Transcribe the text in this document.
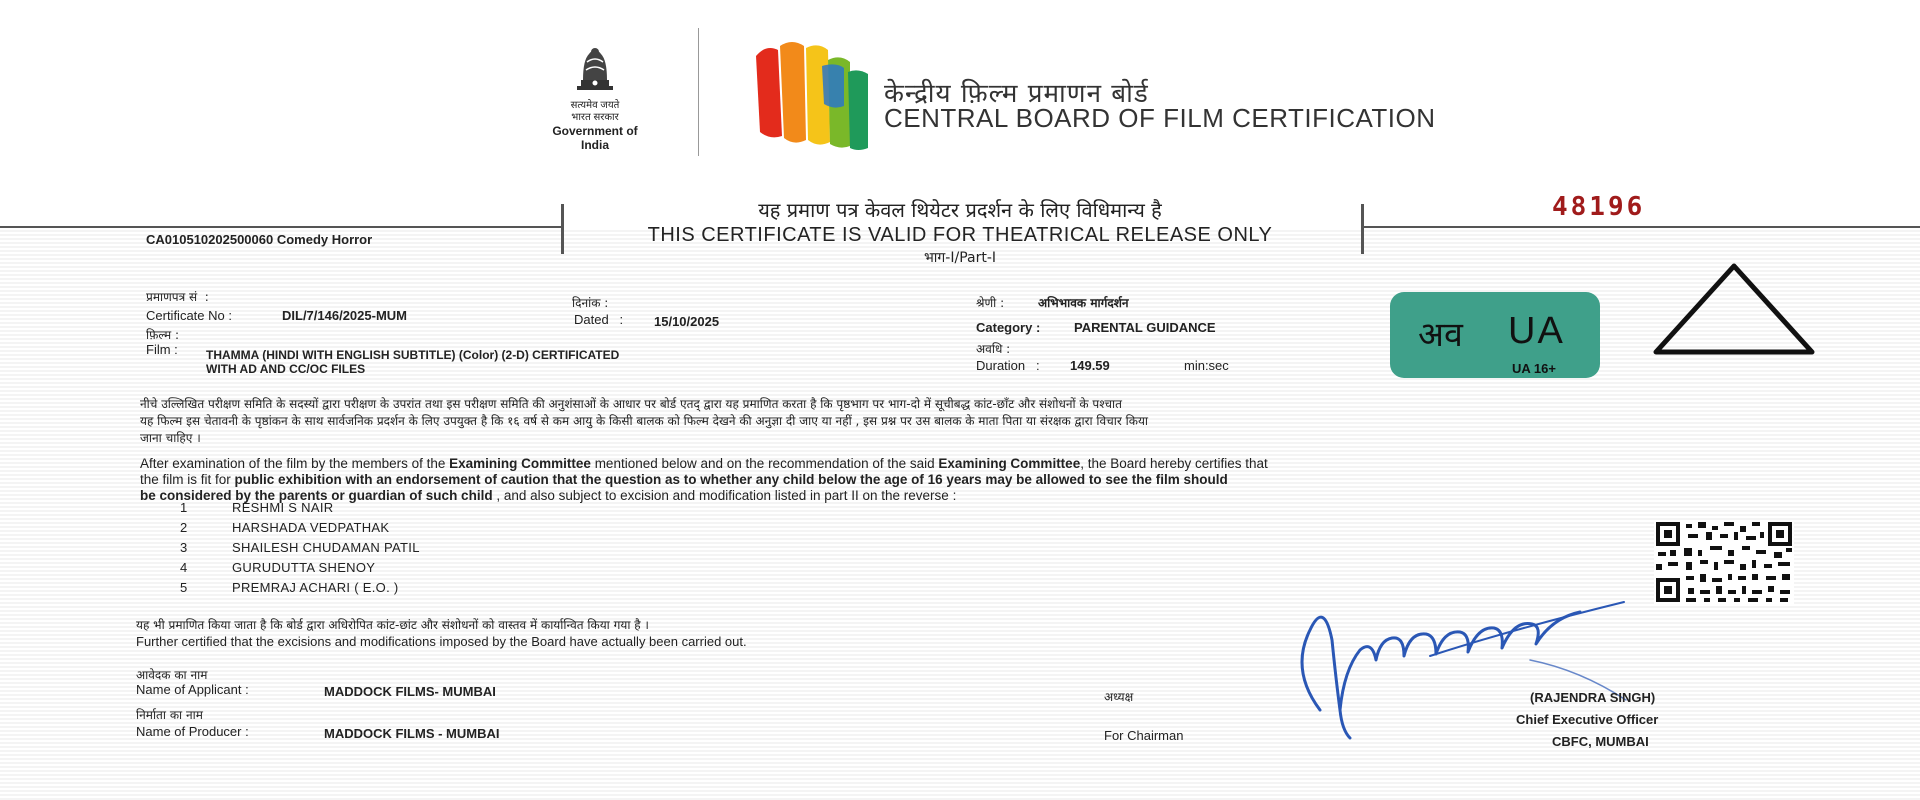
सत्यमेव जयते
भारत सरकार
Government of India
केन्द्रीय फ़िल्म प्रमाणन बोर्ड
CENTRAL BOARD OF FILM CERTIFICATION
यह प्रमाण पत्र केवल थियेटर प्रदर्शन के लिए विधिमान्य है
THIS CERTIFICATE IS VALID FOR THEATRICAL RELEASE ONLY
भाग-I/Part-I
48196
CA010510202500060 Comedy Horror
प्रमाणपत्र सं  :
Certificate No :	DIL/7/146/2025-MUM
दिनांक :
Dated   : 15/10/2025
फ़िल्म :
Film : THAMMA (HINDI WITH ENGLISH SUBTITLE) (Color) (2-D) CERTIFICATED
WITH AD AND CC/OC FILES
श्रेणी :	अभिभावक मार्गदर्शन
Category :	PARENTAL GUIDANCE
अवधि :
Duration   : 149.59	min:sec
अव UA
UA 16+
नीचे उल्लिखित परीक्षण समिति के सदस्यों द्वारा परीक्षण के उपरांत तथा इस परीक्षण समिति की अनुशंसाओं के आधार पर बोर्ड एतद् द्वारा यह प्रमाणित करता है कि पृष्ठभाग पर भाग-दो में सूचीबद्ध कांट-छाँट और संशोधनों के पश्चात
यह फिल्म इस चेतावनी के पृष्ठांकन के साथ सार्वजनिक प्रदर्शन के लिए उपयुक्त है कि १६ वर्ष से कम आयु के किसी बालक को फिल्म देखने की अनुज्ञा दी जाए या नहीं , इस प्रश्न पर उस बालक के माता पिता या संरक्षक द्वारा विचार किया
जाना चाहिए ।
After examination of the film by the members of the Examining Committee mentioned below and on the recommendation of the said Examining Committee, the Board hereby certifies that
the film is fit for public exhibition with an endorsement of caution that the question as to whether any child below the age of 16 years may be allowed to see the film should
be considered by the parents or guardian of such child , and also subject to excision and modification listed in part II on the reverse :
1	RESHMI S NAIR
2	HARSHADA VEDPATHAK
3	SHAILESH CHUDAMAN PATIL
4	GURUDUTTA SHENOY
5	PREMRAJ ACHARI ( E.O. )
यह भी प्रमाणित किया जाता है कि बोर्ड द्वारा अधिरोपित कांट-छांट और संशोधनों को वास्तव में कार्यान्वित किया गया है ।
Further certified that the excisions and modifications imposed by the Board have actually been carried out.
आवेदक का नाम
Name of Applicant :	MADDOCK FILMS- MUMBAI
निर्माता का नाम
Name of Producer :	MADDOCK FILMS - MUMBAI
अध्यक्ष
For Chairman
(RAJENDRA SINGH)
Chief Executive Officer
CBFC, MUMBAI
